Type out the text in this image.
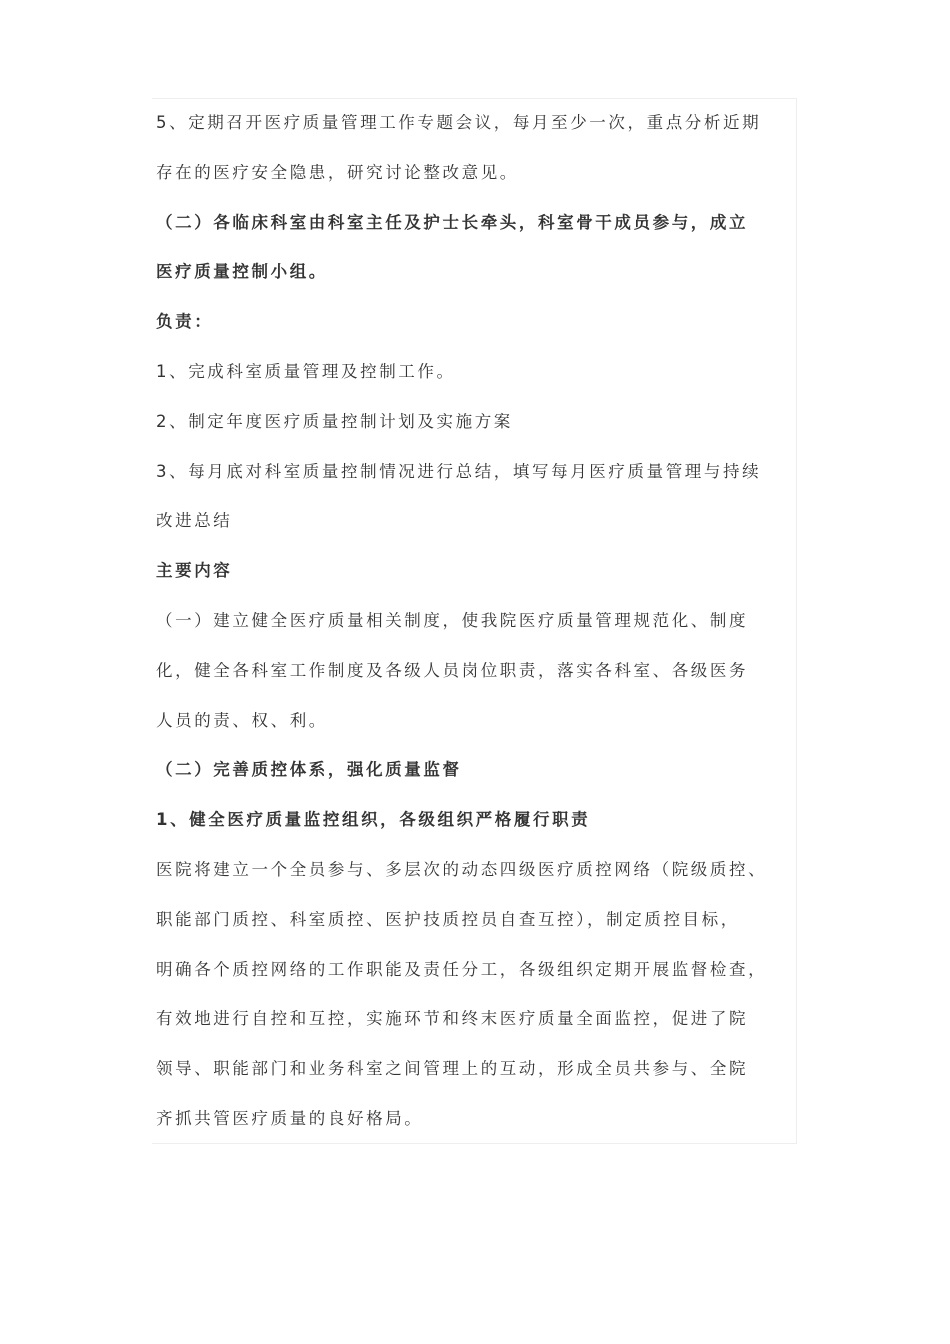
5、定期召开医疗质量管理工作专题会议，每月至少一次，重点分析近期
存在的医疗安全隐患，研究讨论整改意见。
（二）各临床科室由科室主任及护士长牵头，科室骨干成员参与，成立
医疗质量控制小组。
负责：
1、完成科室质量管理及控制工作。
2、制定年度医疗质量控制计划及实施方案
3、每月底对科室质量控制情况进行总结，填写每月医疗质量管理与持续
改进总结
主要内容
（一）建立健全医疗质量相关制度，使我院医疗质量管理规范化、制度
化，健全各科室工作制度及各级人员岗位职责，落实各科室、各级医务
人员的责、权、利。
（二）完善质控体系，强化质量监督
1、健全医疗质量监控组织，各级组织严格履行职责
医院将建立一个全员参与、多层次的动态四级医疗质控网络（院级质控、
职能部门质控、科室质控、医护技质控员自查互控），制定质控目标，
明确各个质控网络的工作职能及责任分工，各级组织定期开展监督检查，
有效地进行自控和互控，实施环节和终末医疗质量全面监控，促进了院
领导、职能部门和业务科室之间管理上的互动，形成全员共参与、全院
齐抓共管医疗质量的良好格局。
